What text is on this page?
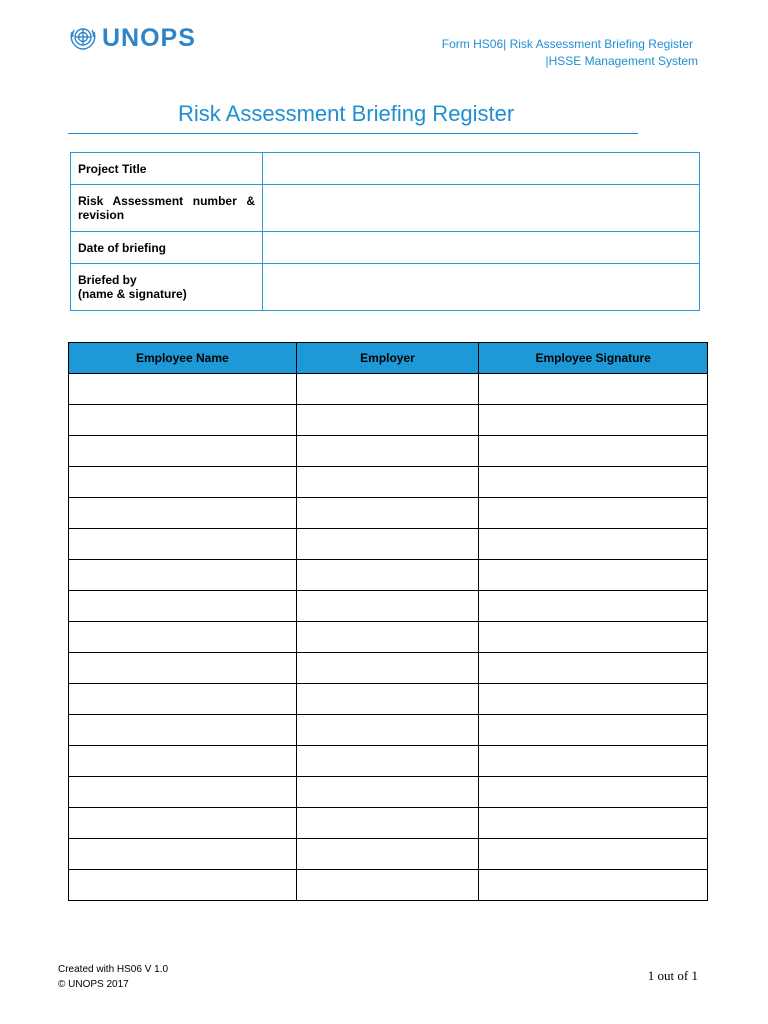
UNOPS	Form HS06| Risk Assessment Briefing Register
|HSSE Management System
Risk Assessment Briefing Register
Project Title	
Risk Assessment number & revision	
Date of briefing	

Briefed by
(name & signature)	

Employee Name	Employer	Employee Signature

Created with HS06 V 1.0
© UNOPS 2017
1 out of 1
